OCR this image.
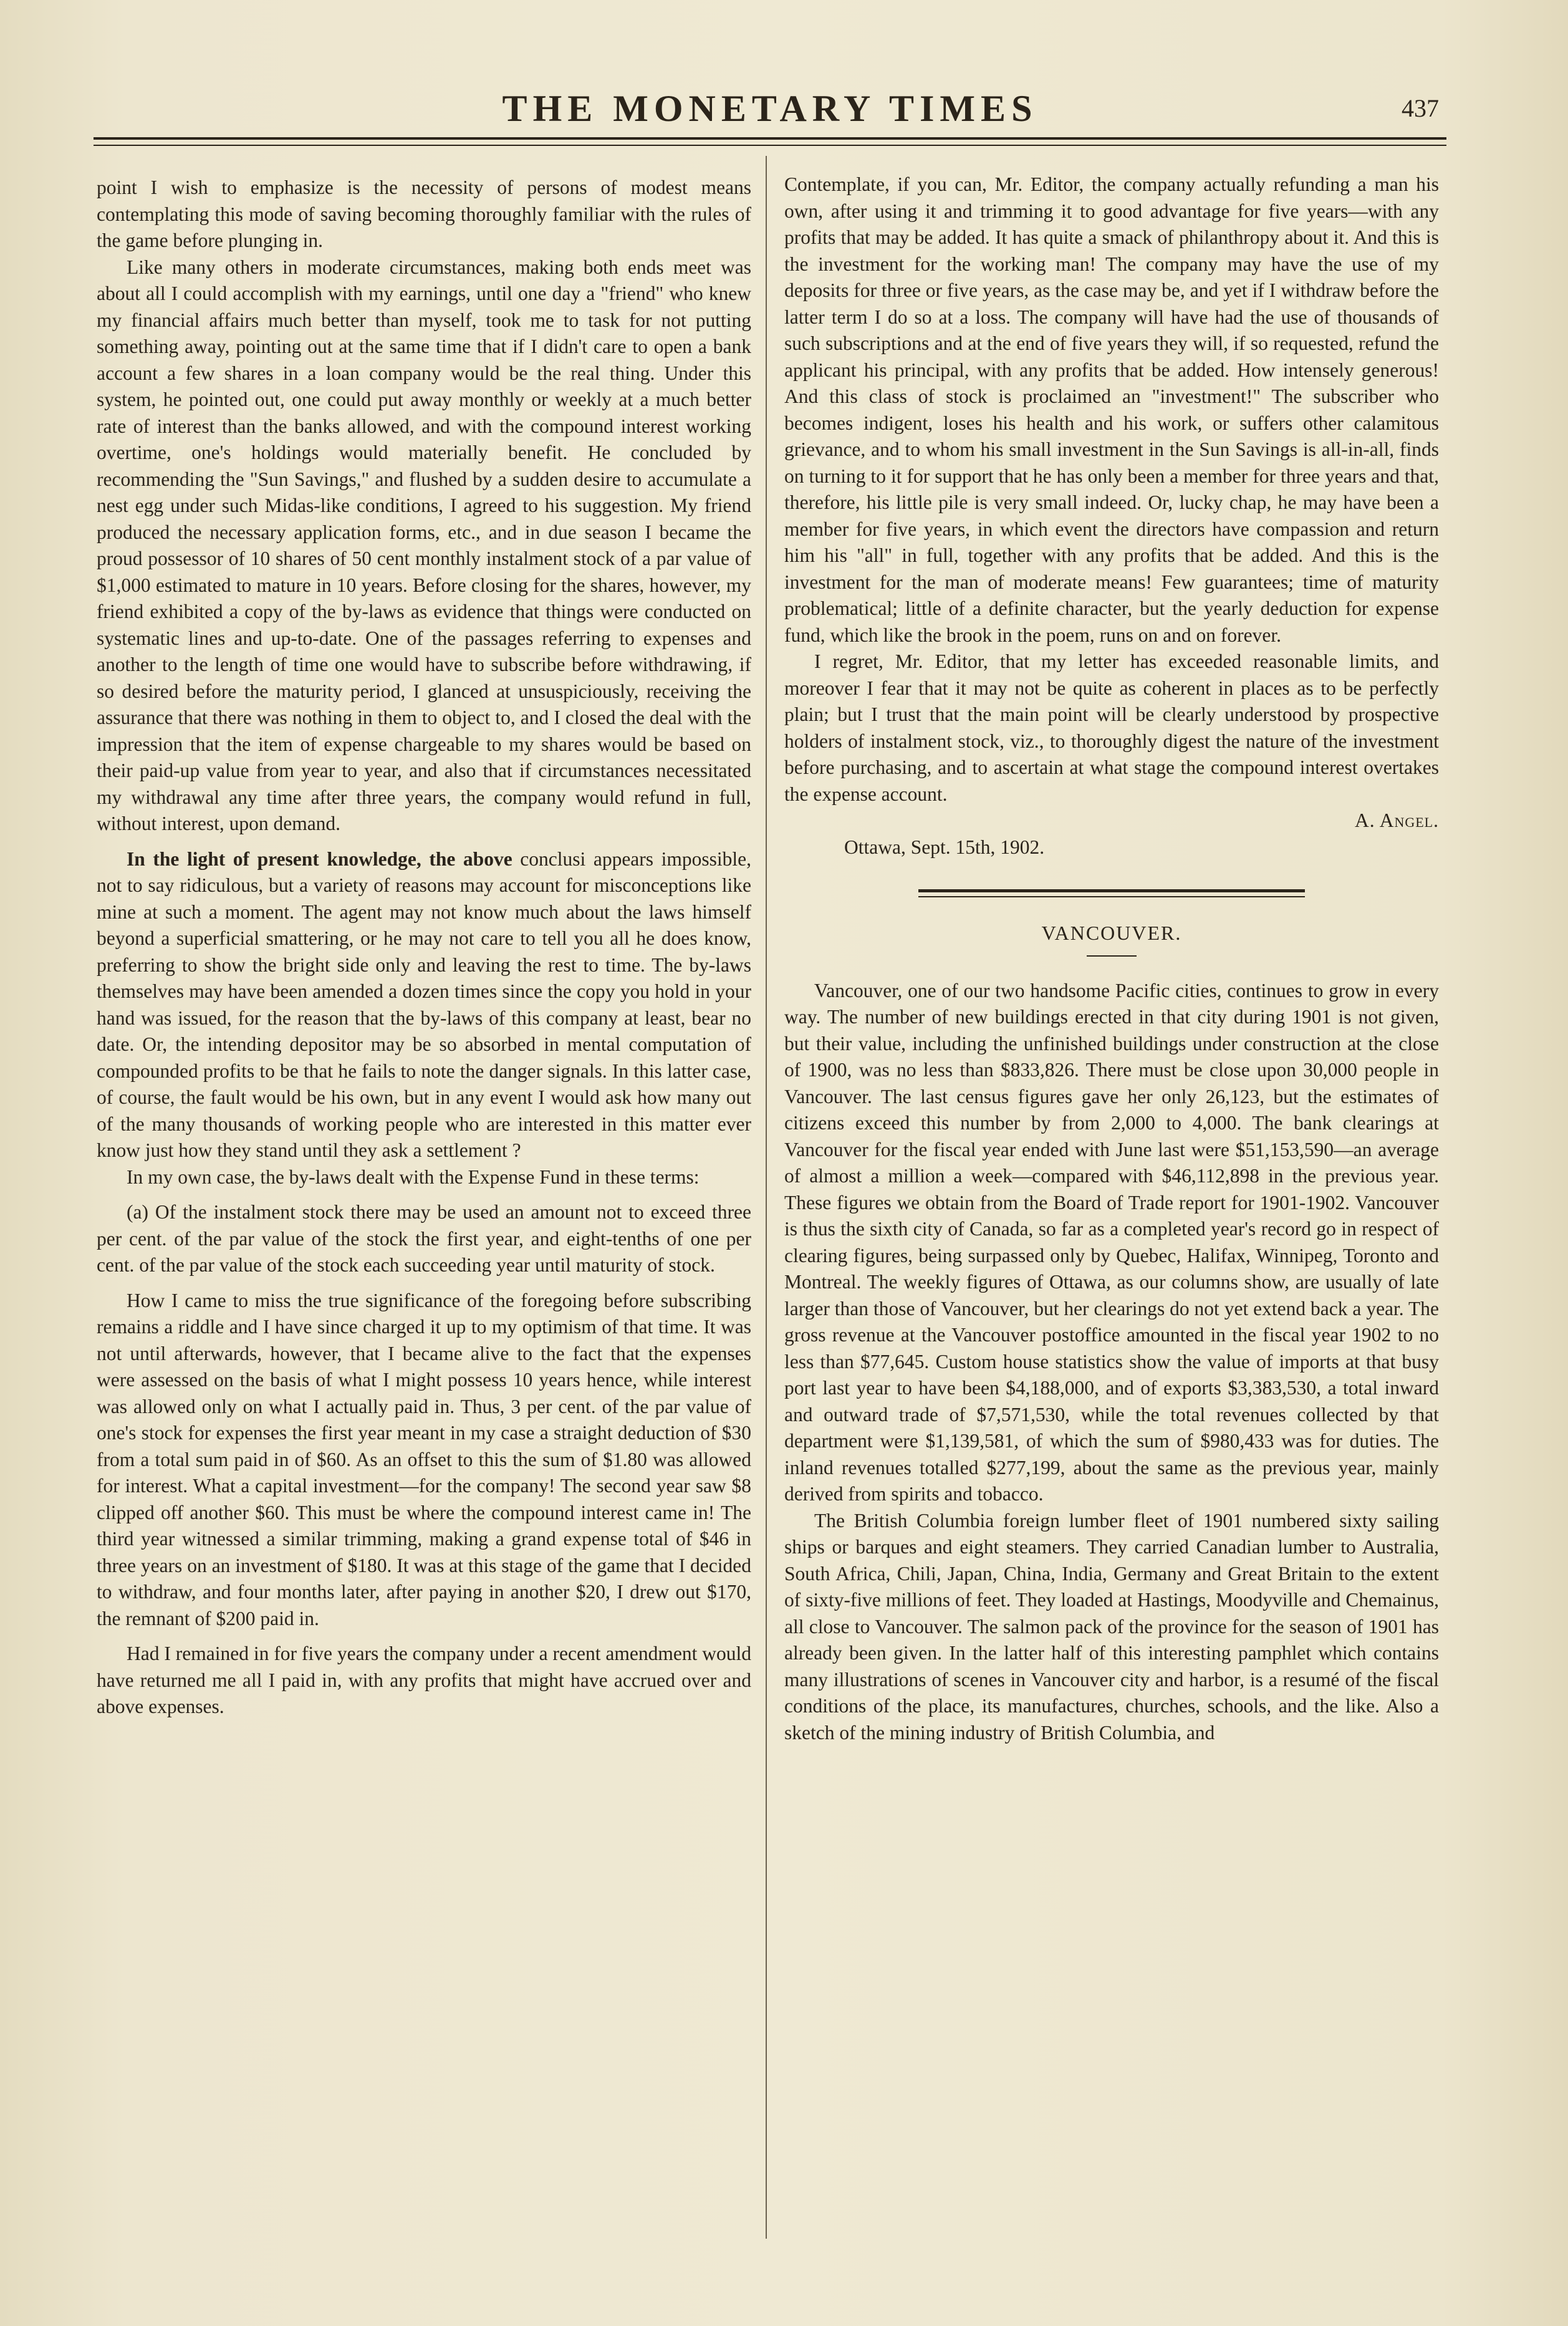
THE MONETARY TIMES	437

point I wish to emphasize is the necessity of persons of modest means contemplating this mode of saving becoming thoroughly familiar with the rules of the game before plunging in.

Like many others in moderate circumstances, making both ends meet was about all I could accomplish with my earnings, until one day a "friend" who knew my financial affairs much better than myself, took me to task for not putting something away, pointing out at the same time that if I didn't care to open a bank account a few shares in a loan company would be the real thing. Under this system, he pointed out, one could put away monthly or weekly at a much better rate of interest than the banks allowed, and with the compound interest working overtime, one's holdings would materially benefit. He concluded by recommending the "Sun Savings," and flushed by a sudden desire to accumulate a nest egg under such Midas-like conditions, I agreed to his suggestion. My friend produced the necessary application forms, etc., and in due season I became the proud possessor of 10 shares of 50 cent monthly instalment stock of a par value of $1,000 estimated to mature in 10 years. Before closing for the shares, however, my friend exhibited a copy of the by-laws as evidence that things were conducted on systematic lines and up-to-date. One of the passages referring to expenses and another to the length of time one would have to subscribe before withdrawing, if so desired before the maturity period, I glanced at unsuspiciously, receiving the assurance that there was nothing in them to object to, and I closed the deal with the impression that the item of expense chargeable to my shares would be based on their paid-up value from year to year, and also that if circumstances necessitated my withdrawal any time after three years, the company would refund in full, without interest, upon demand.

In the light of present knowledge, the above conclusi appears impossible, not to say ridiculous, but a variety of reasons may account for misconceptions like mine at such a moment. The agent may not know much about the laws himself beyond a superficial smattering, or he may not care to tell you all he does know, preferring to show the bright side only and leaving the rest to time. The by-laws themselves may have been amended a dozen times since the copy you hold in your hand was issued, for the reason that the by-laws of this company at least, bear no date. Or, the intending depositor may be so absorbed in mental computation of compounded profits to be that he fails to note the danger signals. In this latter case, of course, the fault would be his own, but in any event I would ask how many out of the many thousands of working people who are interested in this matter ever know just how they stand until they ask a settlement ?

In my own case, the by-laws dealt with the Expense Fund in these terms:

(a) Of the instalment stock there may be used an amount not to exceed three per cent. of the par value of the stock the first year, and eight-tenths of one per cent. of the par value of the stock each succeeding year until maturity of stock.

How I came to miss the true significance of the foregoing before subscribing remains a riddle and I have since charged it up to my optimism of that time. It was not until afterwards, however, that I became alive to the fact that the expenses were assessed on the basis of what I might possess 10 years hence, while interest was allowed only on what I actually paid in. Thus, 3 per cent. of the par value of one's stock for expenses the first year meant in my case a straight deduction of $30 from a total sum paid in of $60. As an offset to this the sum of $1.80 was allowed for interest. What a capital investment—for the company! The second year saw $8 clipped off another $60. This must be where the compound interest came in! The third year witnessed a similar trimming, making a grand expense total of $46 in three years on an investment of $180. It was at this stage of the game that I decided to withdraw, and four months later, after paying in another $20, I drew out $170, the remnant of $200 paid in.

Had I remained in for five years the company under a recent amendment would have returned me all I paid in, with any profits that might have accrued over and above expenses.

Contemplate, if you can, Mr. Editor, the company actually refunding a man his own, after using it and trimming it to good advantage for five years—with any profits that may be added. It has quite a smack of philanthropy about it. And this is the investment for the working man! The company may have the use of my deposits for three or five years, as the case may be, and yet if I withdraw before the latter term I do so at a loss. The company will have had the use of thousands of such subscriptions and at the end of five years they will, if so requested, refund the applicant his principal, with any profits that be added. How intensely generous! And this class of stock is proclaimed an "investment!" The subscriber who becomes indigent, loses his health and his work, or suffers other calamitous grievance, and to whom his small investment in the Sun Savings is all-in-all, finds on turning to it for support that he has only been a member for three years and that, therefore, his little pile is very small indeed. Or, lucky chap, he may have been a member for five years, in which event the directors have compassion and return him his "all" in full, together with any profits that be added. And this is the investment for the man of moderate means! Few guarantees; time of maturity problematical; little of a definite character, but the yearly deduction for expense fund, which like the brook in the poem, runs on and on forever.

I regret, Mr. Editor, that my letter has exceeded reasonable limits, and moreover I fear that it may not be quite as coherent in places as to be perfectly plain; but I trust that the main point will be clearly understood by prospective holders of instalment stock, viz., to thoroughly digest the nature of the investment before purchasing, and to ascertain at what stage the compound interest overtakes the expense account.

A. Angel.

Ottawa, Sept. 15th, 1902.

VANCOUVER.

Vancouver, one of our two handsome Pacific cities, continues to grow in every way. The number of new buildings erected in that city during 1901 is not given, but their value, including the unfinished buildings under construction at the close of 1900, was no less than $833,826. There must be close upon 30,000 people in Vancouver. The last census figures gave her only 26,123, but the estimates of citizens exceed this number by from 2,000 to 4,000. The bank clearings at Vancouver for the fiscal year ended with June last were $51,153,590—an average of almost a million a week—compared with $46,112,898 in the previous year. These figures we obtain from the Board of Trade report for 1901-1902. Vancouver is thus the sixth city of Canada, so far as a completed year's record go in respect of clearing figures, being surpassed only by Quebec, Halifax, Winnipeg, Toronto and Montreal. The weekly figures of Ottawa, as our columns show, are usually of late larger than those of Vancouver, but her clearings do not yet extend back a year. The gross revenue at the Vancouver postoffice amounted in the fiscal year 1902 to no less than $77,645. Custom house statistics show the value of imports at that busy port last year to have been $4,188,000, and of exports $3,383,530, a total inward and outward trade of $7,571,530, while the total revenues collected by that department were $1,139,581, of which the sum of $980,433 was for duties. The inland revenues totalled $277,199, about the same as the previous year, mainly derived from spirits and tobacco.

The British Columbia foreign lumber fleet of 1901 numbered sixty sailing ships or barques and eight steamers. They carried Canadian lumber to Australia, South Africa, Chili, Japan, China, India, Germany and Great Britain to the extent of sixty-five millions of feet. They loaded at Hastings, Moodyville and Chemainus, all close to Vancouver. The salmon pack of the province for the season of 1901 has already been given. In the latter half of this interesting pamphlet which contains many illustrations of scenes in Vancouver city and harbor, is a resumé of the fiscal conditions of the place, its manufactures, churches, schools, and the like. Also a sketch of the mining industry of British Columbia, and
